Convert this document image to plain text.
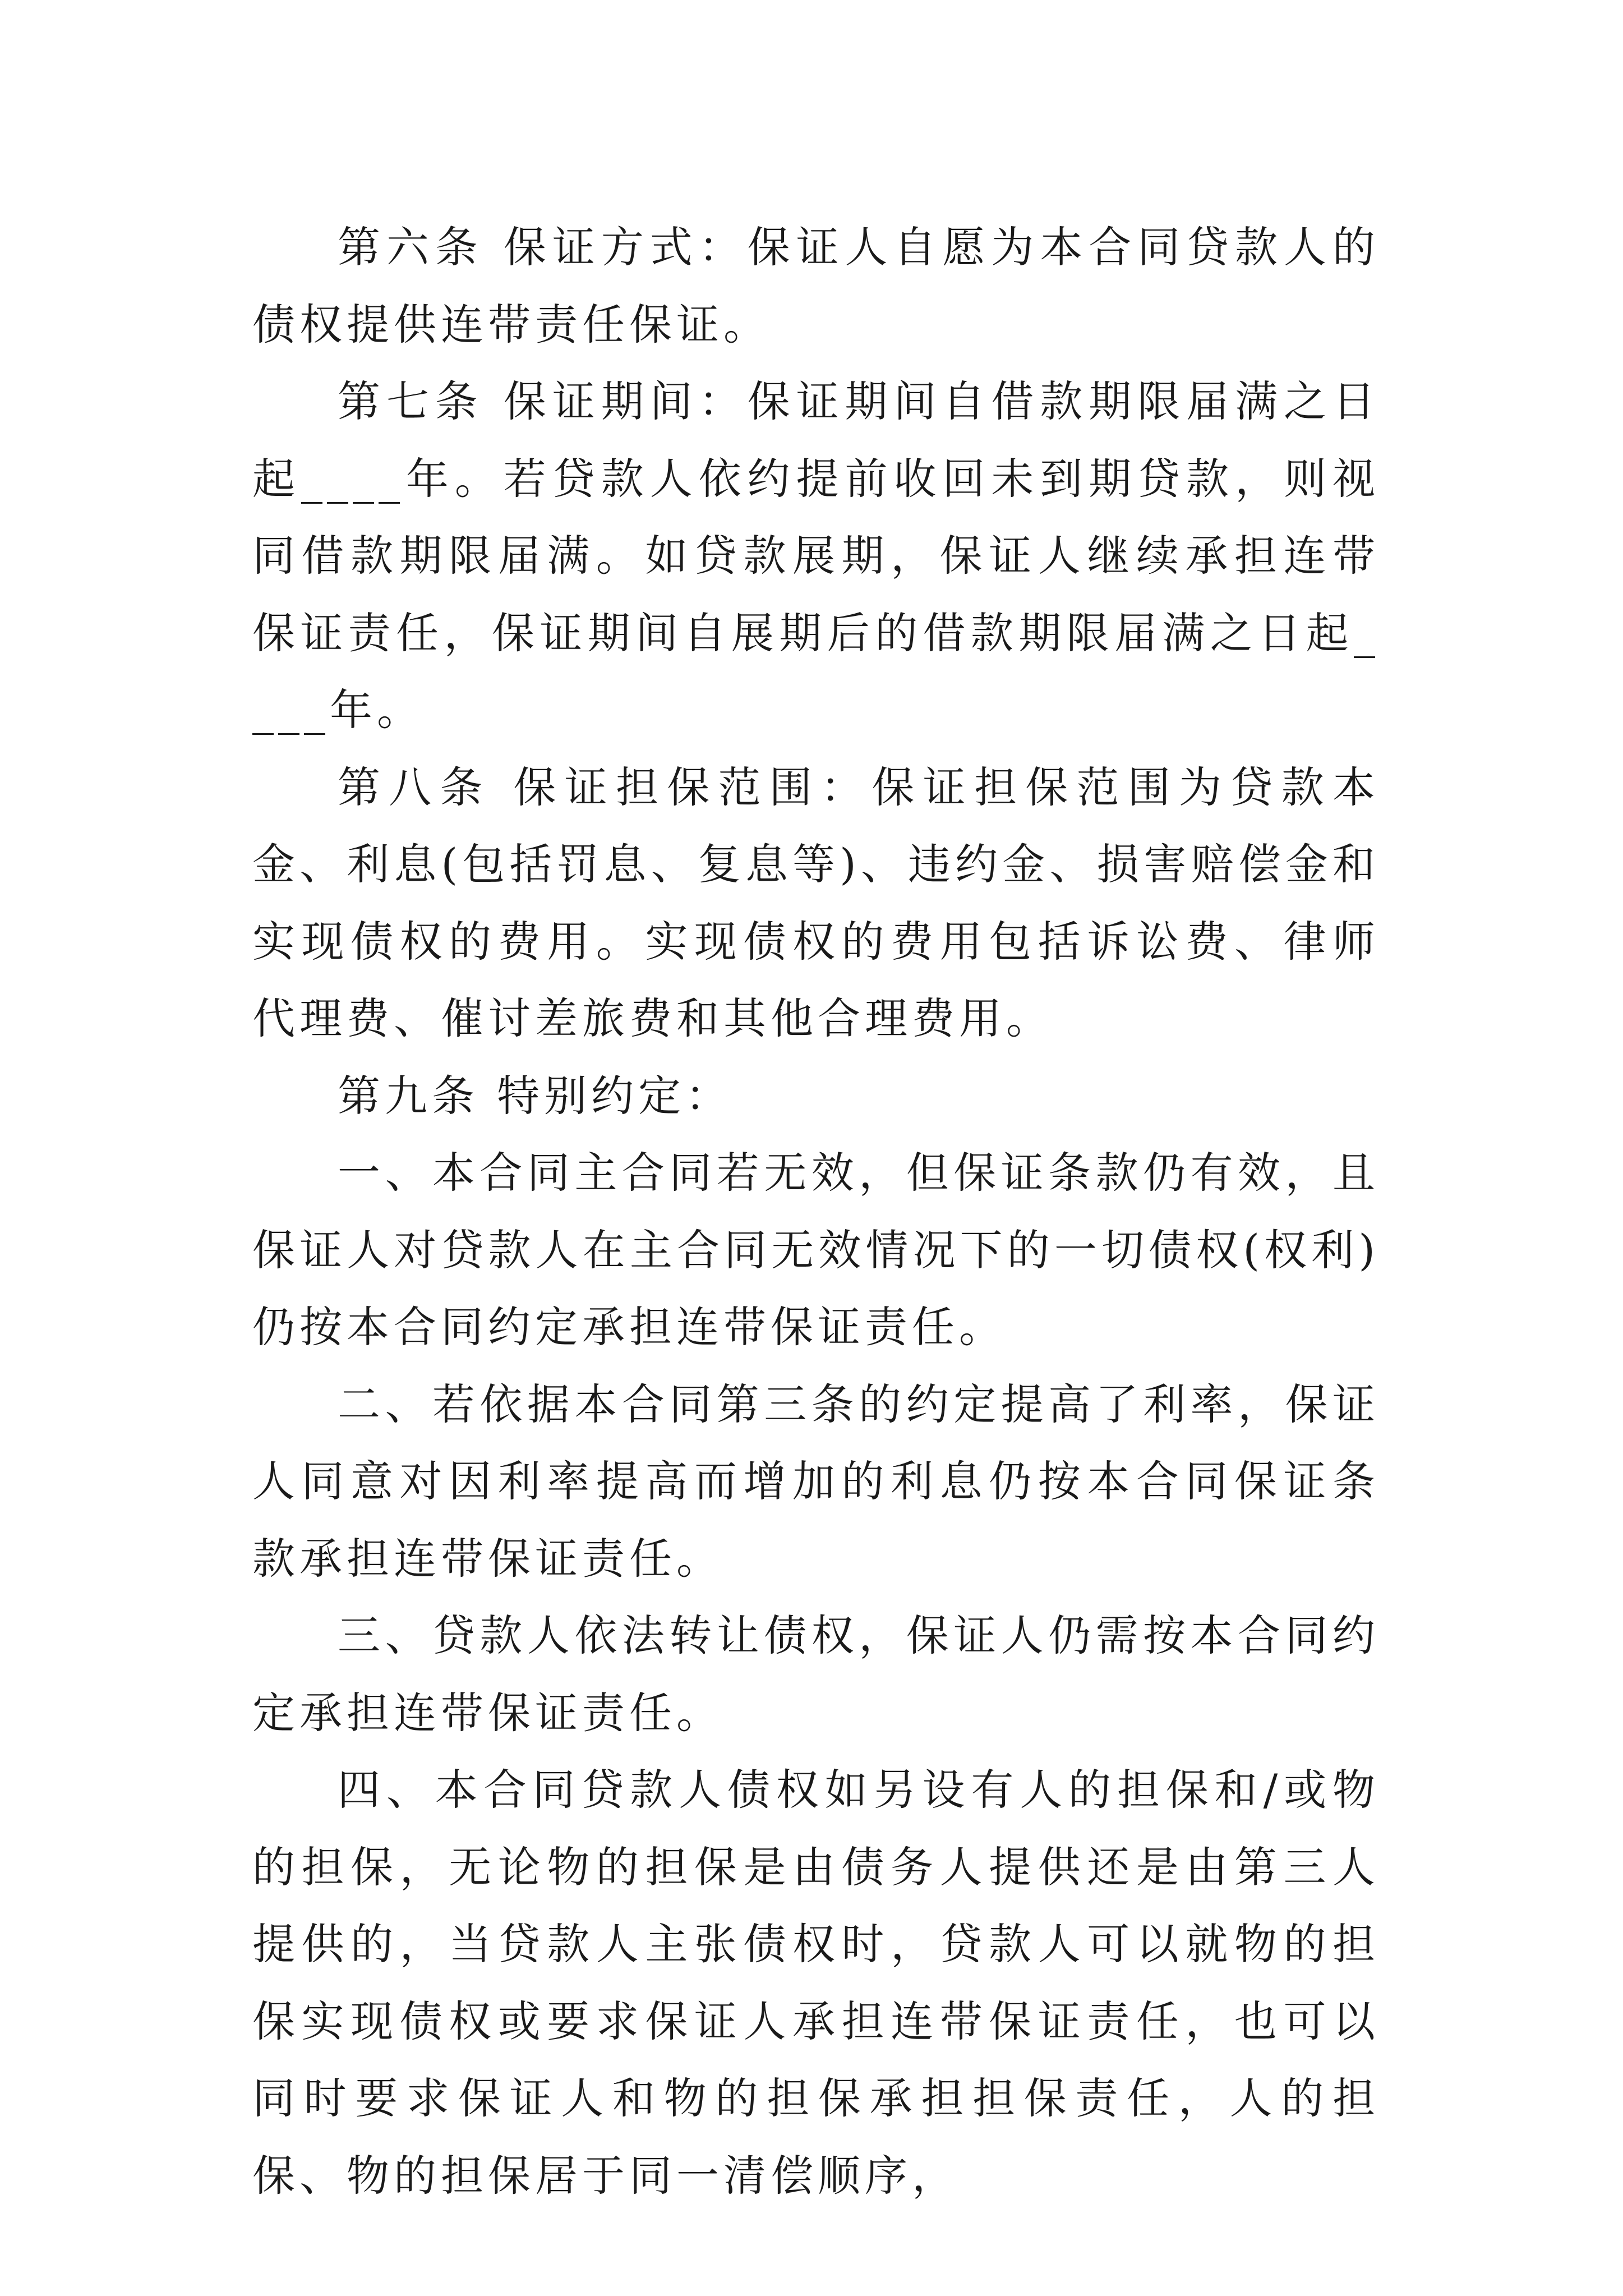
第六条 保证方式：保证人自愿为本合同贷款人的债权提供连带责任保证。

第七条 保证期间：保证期间自借款期限届满之日起____年。若贷款人依约提前收回未到期贷款，则视同借款期限届满。如贷款展期，保证人继续承担连带保证责任，保证期间自展期后的借款期限届满之日起____年。

第八条 保证担保范围：保证担保范围为贷款本金、利息(包括罚息、复息等)、违约金、损害赔偿金和实现债权的费用。实现债权的费用包括诉讼费、律师代理费、催讨差旅费和其他合理费用。

第九条 特别约定：

一、本合同主合同若无效，但保证条款仍有效，且保证人对贷款人在主合同无效情况下的一切债权(权利)仍按本合同约定承担连带保证责任。

二、若依据本合同第三条的约定提高了利率，保证人同意对因利率提高而增加的利息仍按本合同保证条款承担连带保证责任。

三、贷款人依法转让债权，保证人仍需按本合同约定承担连带保证责任。

四、本合同贷款人债权如另设有人的担保和/或物的担保，无论物的担保是由债务人提供还是由第三人提供的，当贷款人主张债权时，贷款人可以就物的担保实现债权或要求保证人承担连带保证责任，也可以同时要求保证人和物的担保承担担保责任，人的担保、物的担保居于同一清偿顺序，
